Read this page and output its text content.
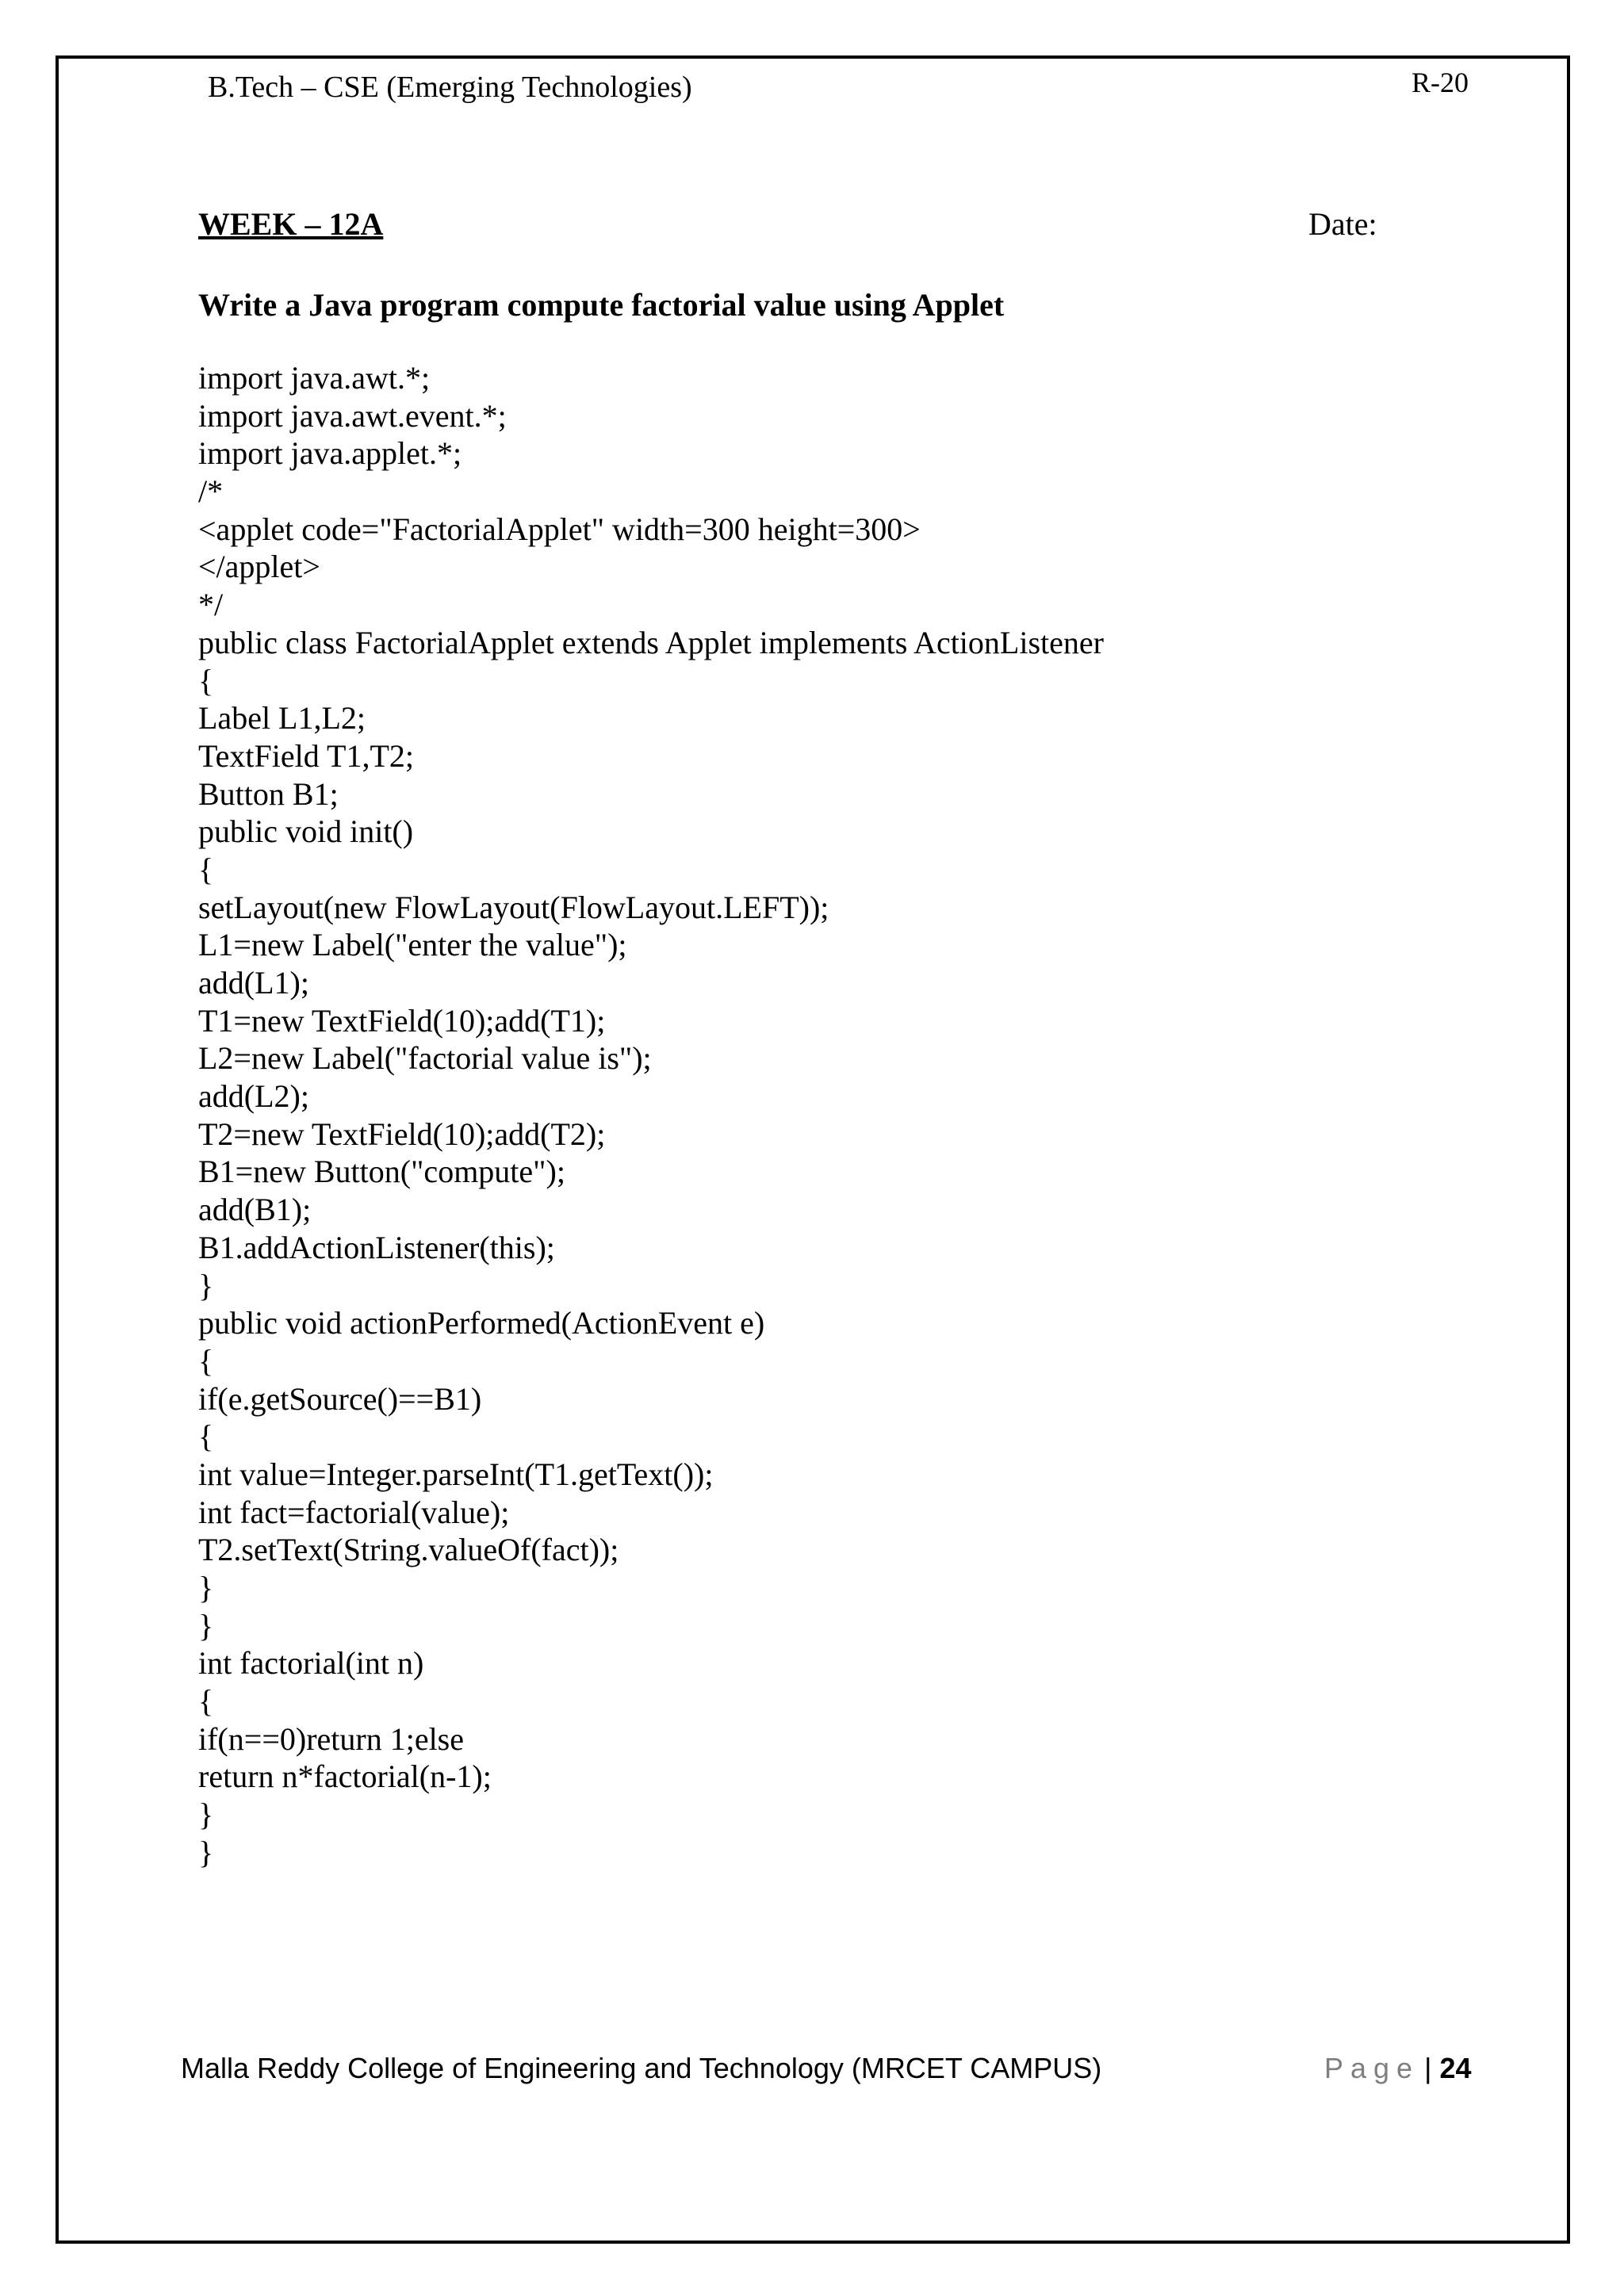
B.Tech – CSE (Emerging Technologies)	R-20
WEEK – 12A	Date:
Write a Java program compute factorial value using Applet
import java.awt.*;
import java.awt.event.*;
import java.applet.*;
/*
<applet code="FactorialApplet" width=300 height=300>
</applet>
*/
public class FactorialApplet extends Applet implements ActionListener
{
Label L1,L2;
TextField T1,T2;
Button B1;
public void init()
{
setLayout(new FlowLayout(FlowLayout.LEFT));
L1=new Label("enter the value");
add(L1);
T1=new TextField(10);add(T1);
L2=new Label("factorial value is");
add(L2);
T2=new TextField(10);add(T2);
B1=new Button("compute");
add(B1);
B1.addActionListener(this);
}
public void actionPerformed(ActionEvent e)
{
if(e.getSource()==B1)
{
int value=Integer.parseInt(T1.getText());
int fact=factorial(value);
T2.setText(String.valueOf(fact));
}
}
int factorial(int n)
{
if(n==0)return 1;else
return n*factorial(n-1);
}
}
Malla Reddy College of Engineering and Technology (MRCET CAMPUS)	Page | 24
